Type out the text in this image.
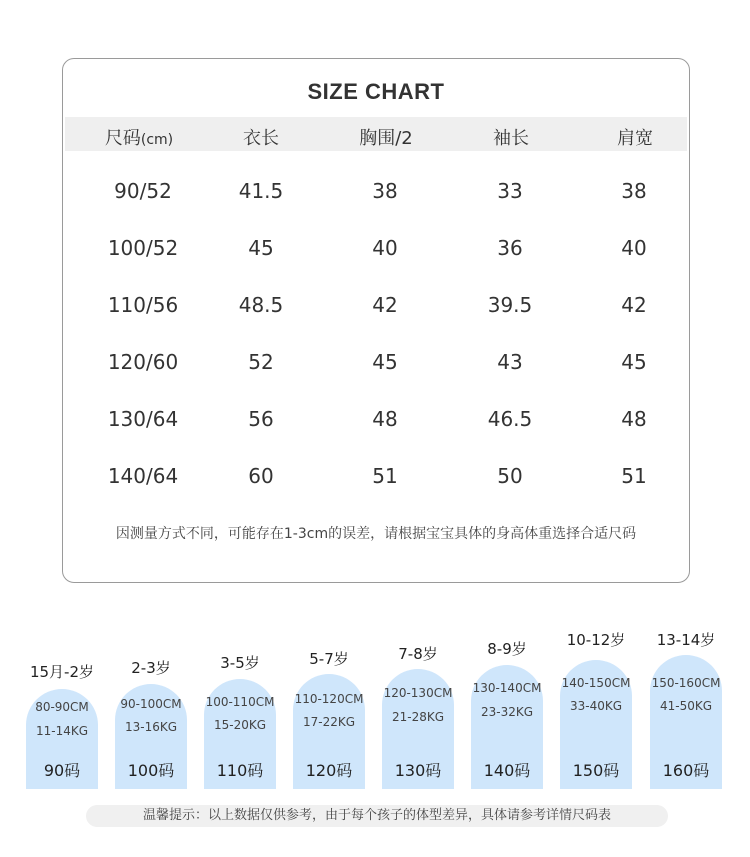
SIZE CHART
尺码(cm)	衣长	胸围/2	袖长	肩宽
90/52	41.5	38	33	38
100/52	45	40	36	40
110/56	48.5	42	39.5	42
120/60	52	45	43	45
130/64	56	48	46.5	48
140/64	60	51	50	51
因测量方式不同，可能存在1-3cm的误差，请根据宝宝具体的身高体重选择合适尺码
15月-2岁	2-3岁	3-5岁	5-7岁	7-8岁	8-9岁	10-12岁	13-14岁
80-90CM
11-14KG
90-100CM
13-16KG
100-110CM
15-20KG
110-120CM
17-22KG
120-130CM
21-28KG
130-140CM
23-32KG
140-150CM
33-40KG
150-160CM
41-50KG
90码	100码	110码	120码	130码	140码	150码	160码
温馨提示：以上数据仅供参考，由于每个孩子的体型差异，具体请参考详情尺码表
